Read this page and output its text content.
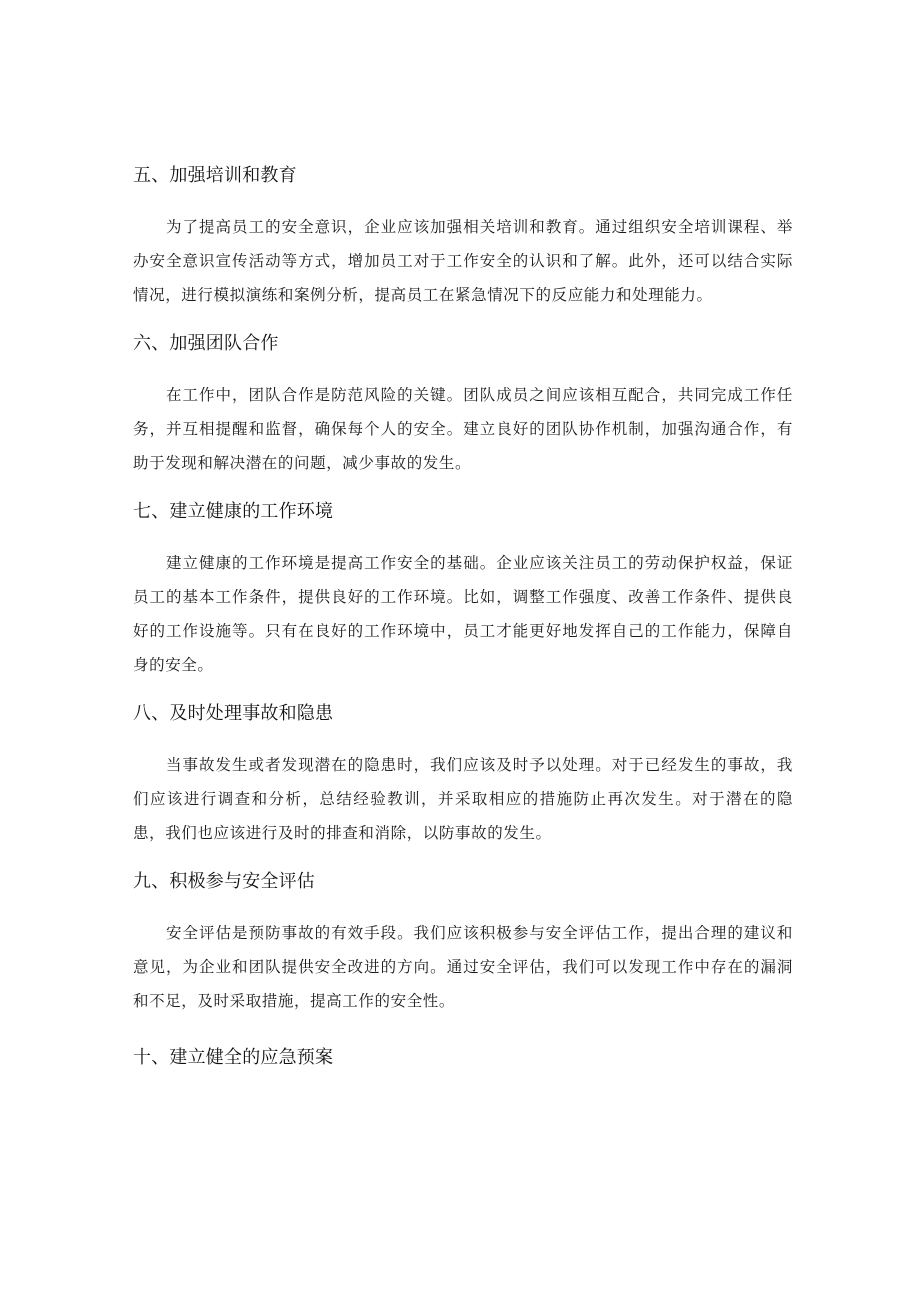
五、加强培训和教育

为了提高员工的安全意识，企业应该加强相关培训和教育。通过组织安全培训课程、举办安全意识宣传活动等方式，增加员工对于工作安全的认识和了解。此外，还可以结合实际情况，进行模拟演练和案例分析，提高员工在紧急情况下的反应能力和处理能力。

六、加强团队合作

在工作中，团队合作是防范风险的关键。团队成员之间应该相互配合，共同完成工作任务，并互相提醒和监督，确保每个人的安全。建立良好的团队协作机制，加强沟通合作，有助于发现和解决潜在的问题，减少事故的发生。

七、建立健康的工作环境

建立健康的工作环境是提高工作安全的基础。企业应该关注员工的劳动保护权益，保证员工的基本工作条件，提供良好的工作环境。比如，调整工作强度、改善工作条件、提供良好的工作设施等。只有在良好的工作环境中，员工才能更好地发挥自己的工作能力，保障自身的安全。

八、及时处理事故和隐患

当事故发生或者发现潜在的隐患时，我们应该及时予以处理。对于已经发生的事故，我们应该进行调查和分析，总结经验教训，并采取相应的措施防止再次发生。对于潜在的隐患，我们也应该进行及时的排查和消除，以防事故的发生。

九、积极参与安全评估

安全评估是预防事故的有效手段。我们应该积极参与安全评估工作，提出合理的建议和意见，为企业和团队提供安全改进的方向。通过安全评估，我们可以发现工作中存在的漏洞和不足，及时采取措施，提高工作的安全性。

十、建立健全的应急预案
